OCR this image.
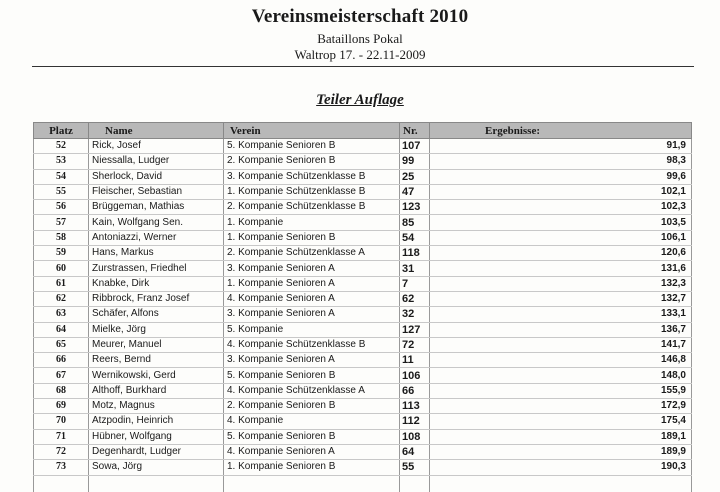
Vereinsmeisterschaft 2010
Bataillons Pokal
Waltrop 17. - 22.11-2009
Teiler Auflage
Platz	Name	Verein	Nr.	Ergebnisse:
52	Rick, Josef	5. Kompanie Senioren B	107	91,9
53	Niessalla, Ludger	2. Kompanie Senioren B	99	98,3
54	Sherlock, David	3. Kompanie Schützenklasse B	25	99,6
55	Fleischer, Sebastian	1. Kompanie Schützenklasse B	47	102,1
56	Brüggeman, Mathias	2. Kompanie Schützenklasse B	123	102,3
57	Kain, Wolfgang Sen.	1. Kompanie	85	103,5
58	Antoniazzi, Werner	1. Kompanie Senioren B	54	106,1
59	Hans, Markus	2. Kompanie Schützenklasse A	118	120,6
60	Zurstrassen, Friedhel	3. Kompanie Senioren A	31	131,6
61	Knabke, Dirk	1. Kompanie Senioren A	7	132,3
62	Ribbrock, Franz Josef	4. Kompanie Senioren A	62	132,7
63	Schäfer, Alfons	3. Kompanie Senioren A	32	133,1
64	Mielke, Jörg	5. Kompanie	127	136,7
65	Meurer, Manuel	4. Kompanie Schützenklasse B	72	141,7
66	Reers, Bernd	3. Kompanie Senioren A	11	146,8
67	Wernikowski, Gerd	5. Kompanie Senioren B	106	148,0
68	Althoff, Burkhard	4. Kompanie Schützenklasse A	66	155,9
69	Motz, Magnus	2. Kompanie Senioren B	113	172,9
70	Atzpodin, Heinrich	4. Kompanie	112	175,4
71	Hübner, Wolfgang	5. Kompanie Senioren B	108	189,1
72	Degenhardt, Ludger	4. Kompanie Senioren A	64	189,9
73	Sowa, Jörg	1. Kompanie Senioren B	55	190,3
